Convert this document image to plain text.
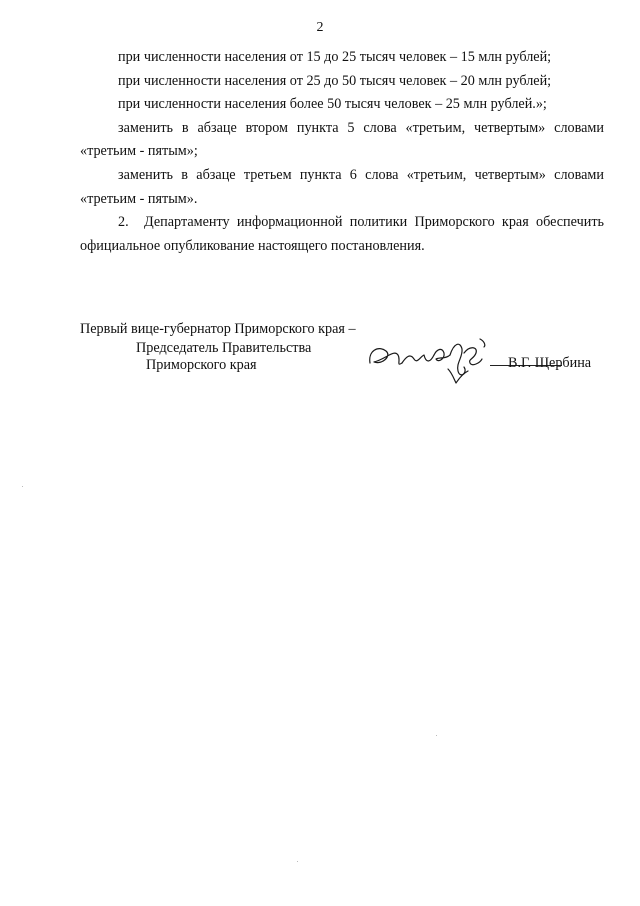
2

при численности населения от 15 до 25 тысяч человек – 15 млн рублей;

при численности населения от 25 до 50 тысяч человек – 20 млн рублей;

при численности населения более 50 тысяч человек – 25 млн рублей.»;

заменить в абзаце втором пункта 5 слова «третьим, четвертым» словами «третьим - пятым»;

заменить в абзаце третьем пункта 6 слова «третьим, четвертым» словами «третьим - пятым».

2. Департаменту информационной политики Приморского края обеспечить официальное опубликование настоящего постановления.

Первый вице-губернатор Приморского края –
Председатель Правительства
Приморского края	В.Г. Щербина
